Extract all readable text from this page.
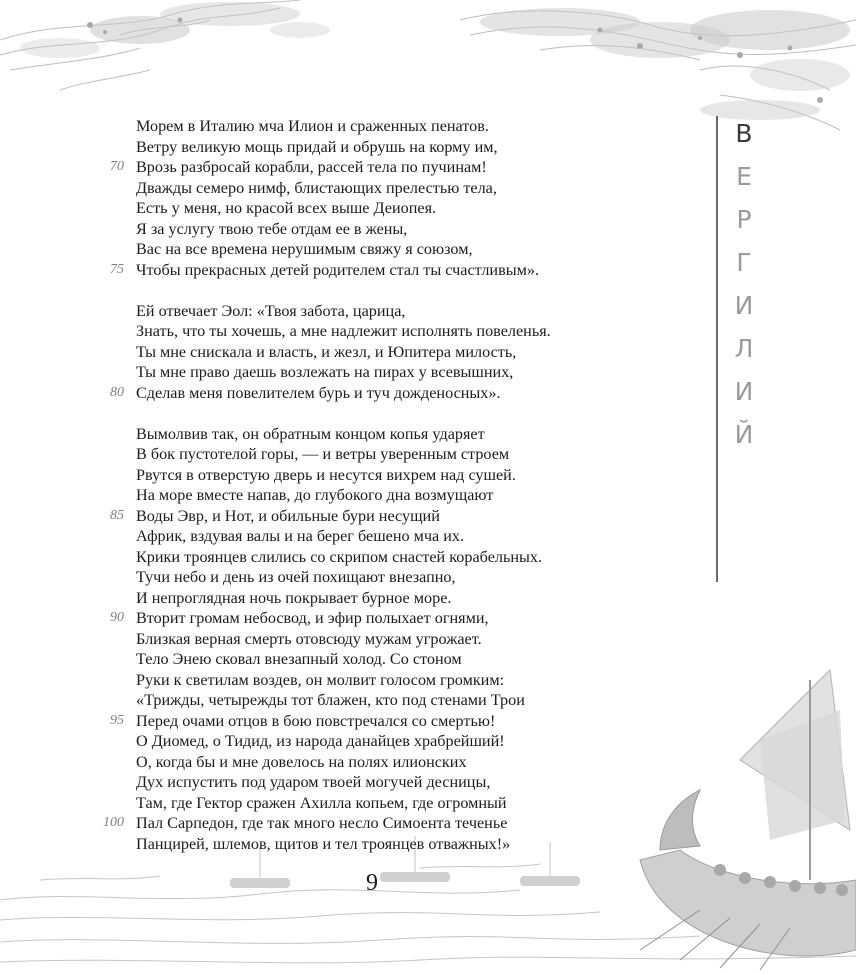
Морем в Италию мча Илион и сраженных пенатов.
Ветру великую мощь придай и обрушь на корму им,
70 Врозь разбросай корабли, рассей тела по пучинам!
Дважды семеро нимф, блистающих прелестью тела,
Есть у меня, но красой всех выше Деиопея.
Я за услугу твою тебе отдам ее в жены,
Вас на все времена нерушимым свяжу я союзом,
75 Чтобы прекрасных детей родителем стал ты счастливым».
Ей отвечает Эол: «Твоя забота, царица,
Знать, что ты хочешь, а мне надлежит исполнять повеленья.
Ты мне снискала и власть, и жезл, и Юпитера милость,
Ты мне право даешь возлежать на пирах у всевышних,
80 Сделав меня повелителем бурь и туч дожденосных».
Вымолвив так, он обратным концом копья ударяет
В бок пустотелой горы, — и ветры уверенным строем
Рвутся в отверстую дверь и несутся вихрем над сушей.
На море вместе напав, до глубокого дна возмущают
85 Воды Эвр, и Нот, и обильные бури несущий
Африк, вздувая валы и на берег бешено мча их.
Крики троянцев слились со скрипом снастей корабельных.
Тучи небо и день из очей похищают внезапно,
И непроглядная ночь покрывает бурное море.
90 Вторит громам небосвод, и эфир полыхает огнями,
Близкая верная смерть отовсюду мужам угрожает.
Тело Энею сковал внезапный холод. Со стоном
Руки к светилам воздев, он молвит голосом громким:
«Трижды, четырежды тот блажен, кто под стенами Трои
95 Перед очами отцов в бою повстречался со смертью!
О Диомед, о Тидид, из народа данайцев храбрейший!
О, когда бы и мне довелось на полях илионских
Дух испустить под ударом твоей могучей десницы,
Там, где Гектор сражен Ахилла копьем, где огромный
100 Пал Сарпедон, где так много несло Симоента теченье
Панцирей, шлемов, щитов и тел троянцев отважных!»
В
Е
Р
Г
И
Л
И
Й
9
